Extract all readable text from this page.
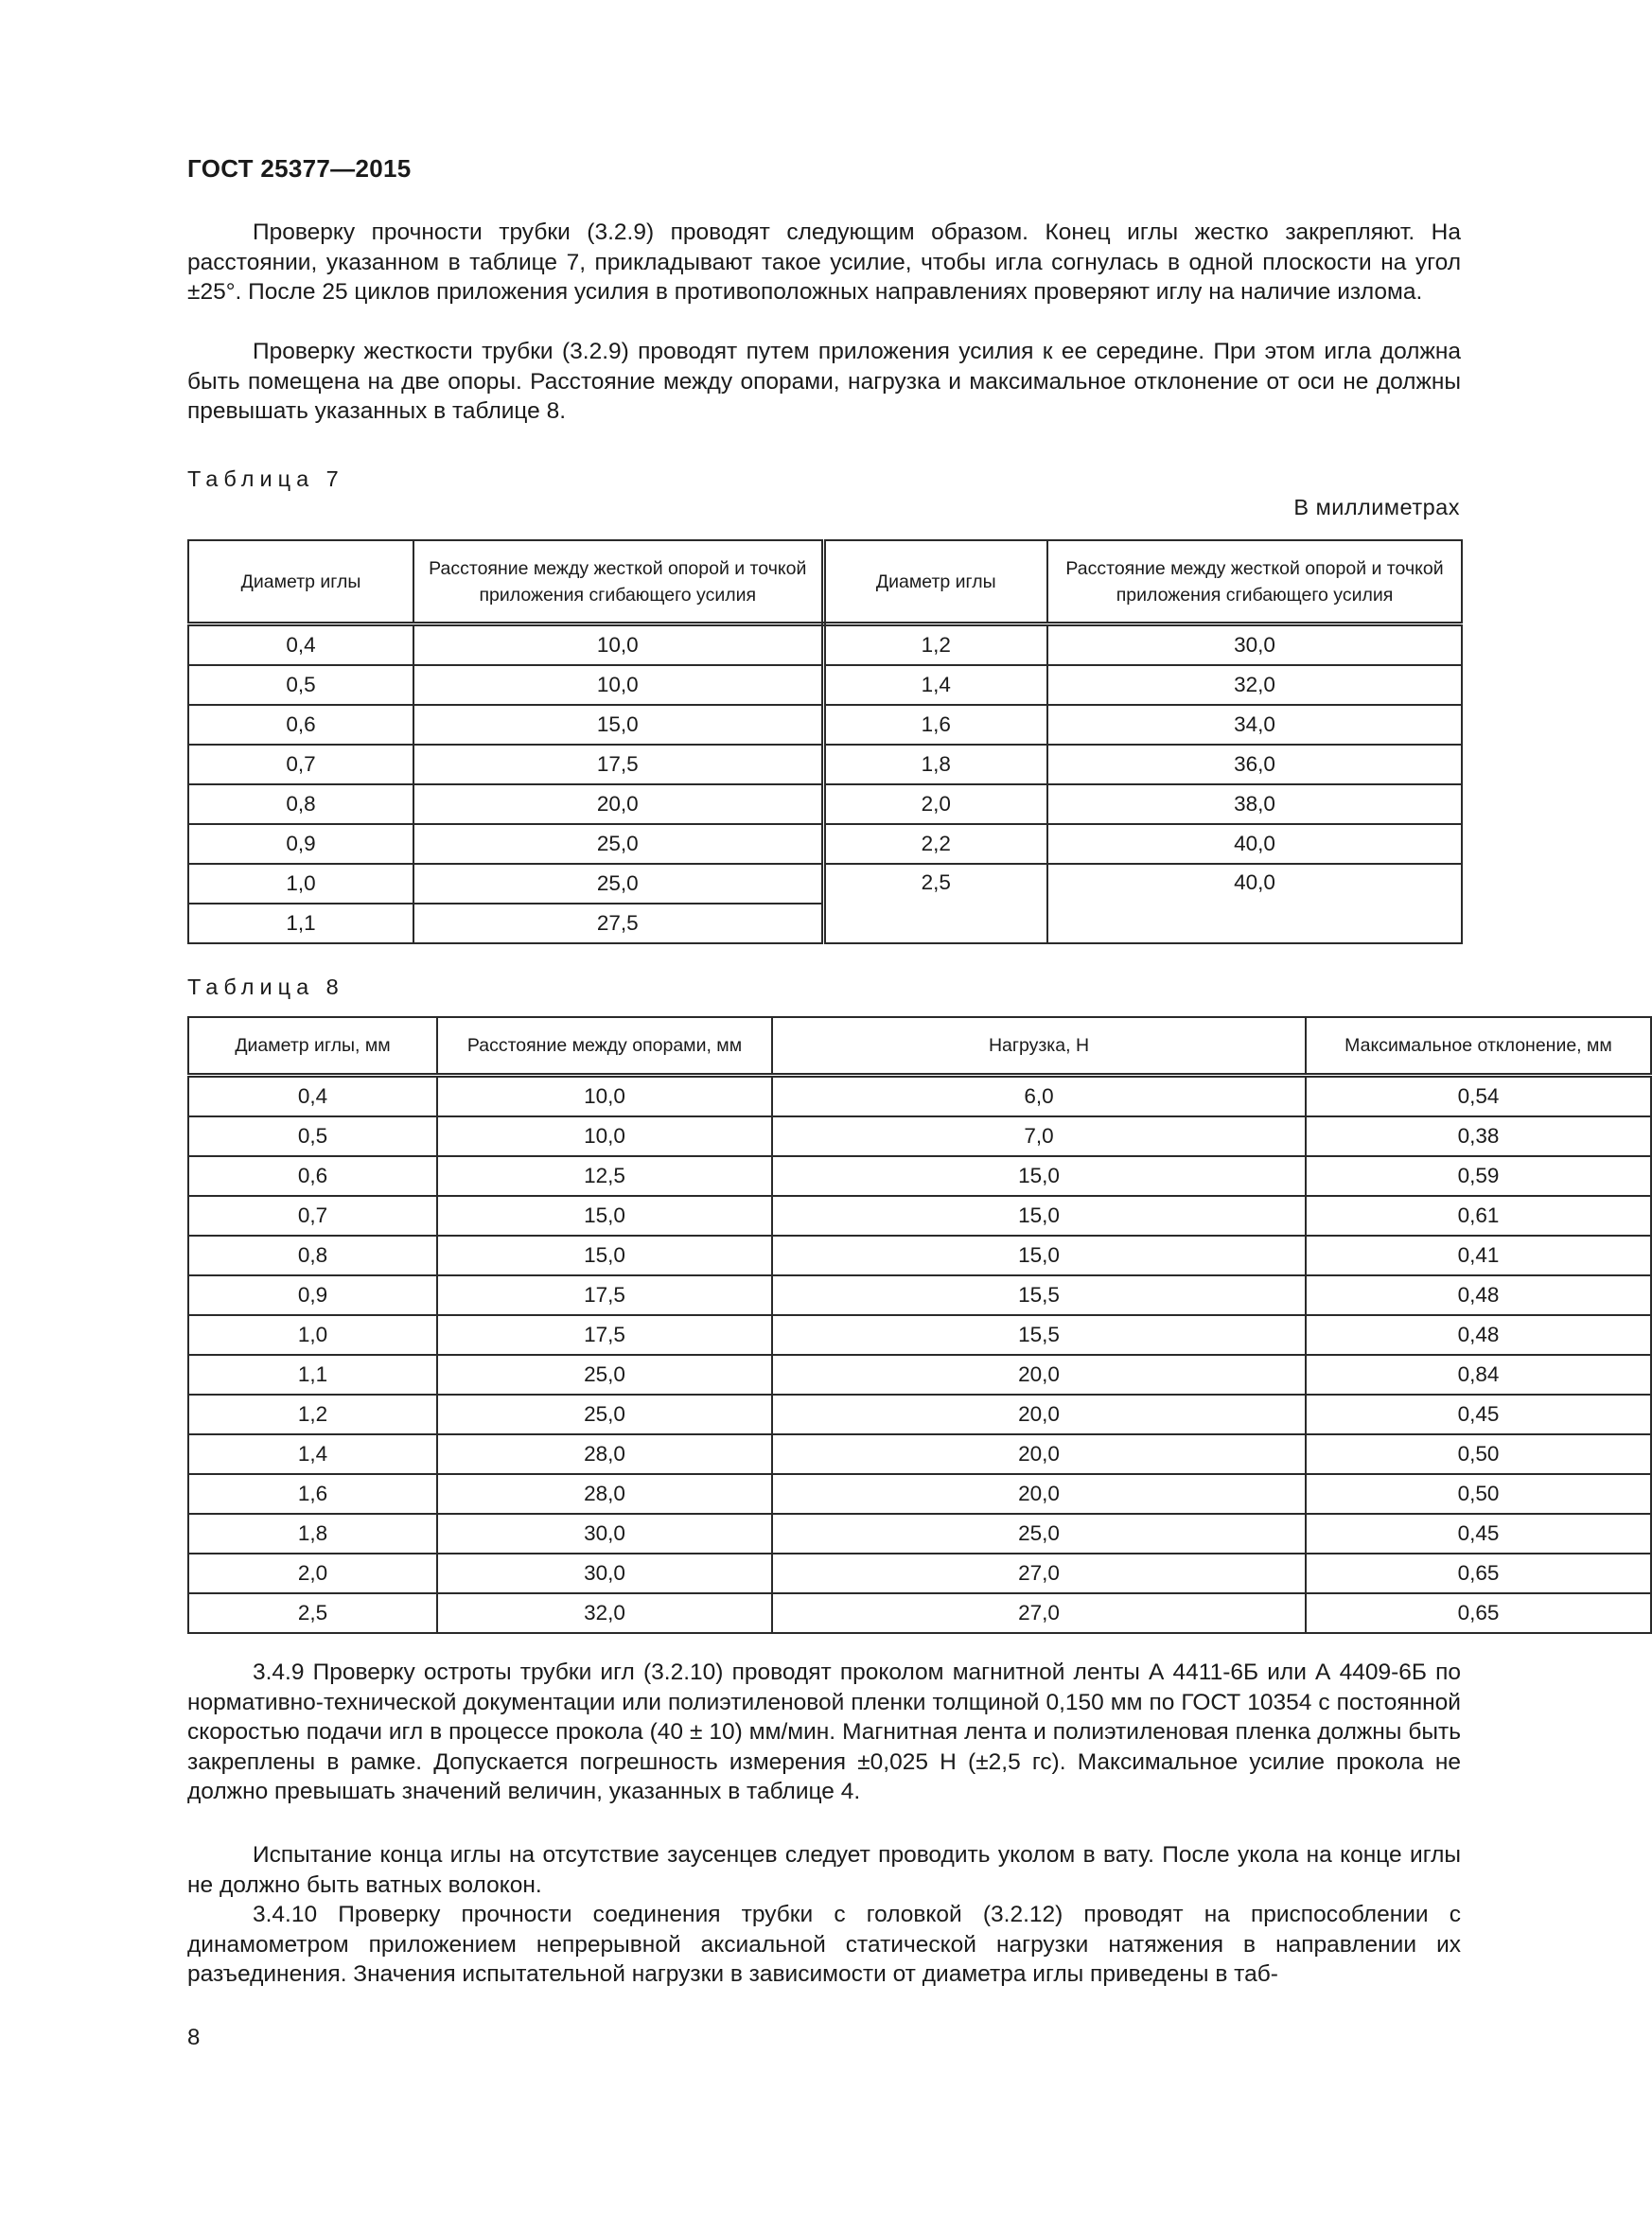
ГОСТ 25377—2015

Проверку прочности трубки (3.2.9) проводят следующим образом. Конец иглы жестко закрепляют. На расстоянии, указанном в таблице 7, прикладывают такое усилие, чтобы игла согнулась в одной плоскости на угол ±25°. После 25 циклов приложения усилия в противоположных направлениях проверяют иглу на наличие излома.

Проверку жесткости трубки (3.2.9) проводят путем приложения усилия к ее середине. При этом игла должна быть помещена на две опоры. Расстояние между опорами, нагрузка и максимальное отклонение от оси не должны превышать указанных в таблице 8.

Таблица 7
В миллиметрах
Диаметр иглы	Расстояние между жесткой опорой и точкой приложения сгибающего усилия	Диаметр иглы	Расстояние между жесткой опорой и точкой приложения сгибающего усилия
0,4	10,0	1,2	30,0
0,5	10,0	1,4	32,0
0,6	15,0	1,6	34,0
0,7	17,5	1,8	36,0
0,8	20,0	2,0	38,0
0,9	25,0	2,2	40,0
1,0	25,0	2,5	40,0
1,1	27,5		
Таблица 8
Диаметр иглы, мм	Расстояние между опорами, мм	Нагрузка, Н	Максимальное отклонение, мм
0,4	10,0	6,0	0,54
0,5	10,0	7,0	0,38
0,6	12,5	15,0	0,59
0,7	15,0	15,0	0,61
0,8	15,0	15,0	0,41
0,9	17,5	15,5	0,48
1,0	17,5	15,5	0,48
1,1	25,0	20,0	0,84
1,2	25,0	20,0	0,45
1,4	28,0	20,0	0,50
1,6	28,0	20,0	0,50
1,8	30,0	25,0	0,45
2,0	30,0	27,0	0,65
2,5	32,0	27,0	0,65

3.4.9 Проверку остроты трубки игл (3.2.10) проводят проколом магнитной ленты А 4411-6Б или А 4409-6Б по нормативно-технической документации или полиэтиленовой пленки толщиной 0,150 мм по ГОСТ 10354 с постоянной скоростью подачи игл в процессе прокола (40 ± 10) мм/мин. Магнитная лента и полиэтиленовая пленка должны быть закреплены в рамке. Допускается погрешность измерения ±0,025 Н (±2,5 гс). Максимальное усилие прокола не должно превышать значений величин, указанных в таблице 4.

Испытание конца иглы на отсутствие заусенцев следует проводить уколом в вату. После укола на конце иглы не должно быть ватных волокон.

3.4.10 Проверку прочности соединения трубки с головкой (3.2.12) проводят на приспособлении с динамометром приложением непрерывной аксиальной статической нагрузки натяжения в направлении их разъединения. Значения испытательной нагрузки в зависимости от диаметра иглы приведены в таб-

8
